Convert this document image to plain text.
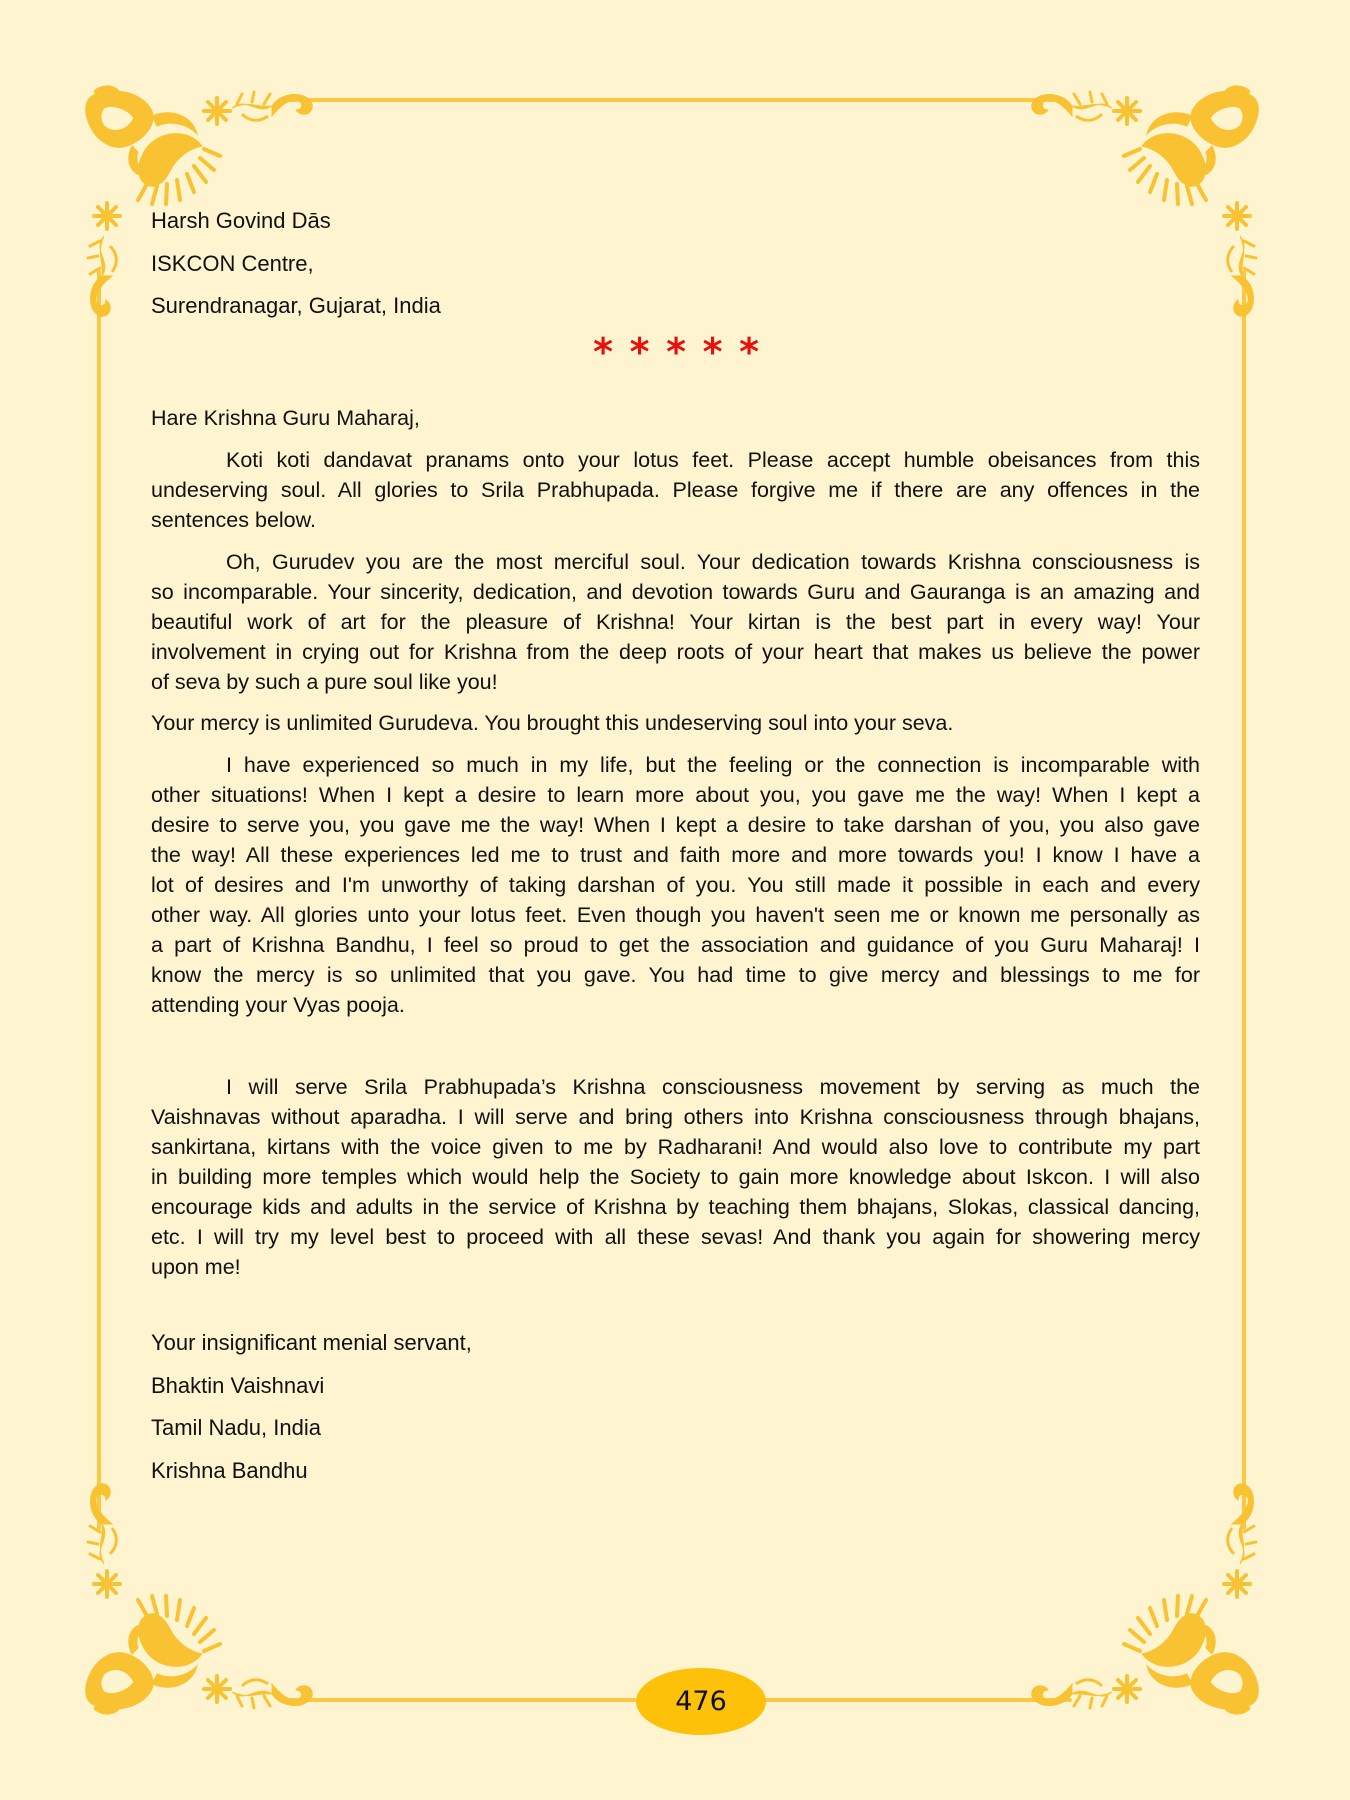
Harsh Govind Dās
ISKCON Centre,
Surendranagar, Gujarat, India
* * * * *
Hare Krishna Guru Maharaj,
Koti koti dandavat pranams onto your lotus feet. Please accept humble obeisances from this
undeserving soul. All glories to Srila Prabhupada. Please forgive me if there are any offences in the
sentences below.
Oh, Gurudev you are the most merciful soul. Your dedication towards Krishna consciousness is
so incomparable. Your sincerity, dedication, and devotion towards Guru and Gauranga is an amazing and
beautiful work of art for the pleasure of Krishna! Your kirtan is the best part in every way! Your
involvement in crying out for Krishna from the deep roots of your heart that makes us believe the power
of seva by such a pure soul like you!
Your mercy is unlimited Gurudeva. You brought this undeserving soul into your seva.
I have experienced so much in my life, but the feeling or the connection is incomparable with
other situations! When I kept a desire to learn more about you, you gave me the way! When I kept a
desire to serve you, you gave me the way! When I kept a desire to take darshan of you, you also gave
the way! All these experiences led me to trust and faith more and more towards you! I know I have a
lot of desires and I'm unworthy of taking darshan of you. You still made it possible in each and every
other way. All glories unto your lotus feet. Even though you haven't seen me or known me personally as
a part of Krishna Bandhu, I feel so proud to get the association and guidance of you Guru Maharaj! I
know the mercy is so unlimited that you gave. You had time to give mercy and blessings to me for
attending your Vyas pooja.
I will serve Srila Prabhupada’s Krishna consciousness movement by serving as much the
Vaishnavas without aparadha. I will serve and bring others into Krishna consciousness through bhajans,
sankirtana, kirtans with the voice given to me by Radharani! And would also love to contribute my part
in building more temples which would help the Society to gain more knowledge about Iskcon. I will also
encourage kids and adults in the service of Krishna by teaching them bhajans, Slokas, classical dancing,
etc. I will try my level best to proceed with all these sevas! And thank you again for showering mercy
upon me!
Your insignificant menial servant,
Bhaktin Vaishnavi
Tamil Nadu, India
Krishna Bandhu
476
